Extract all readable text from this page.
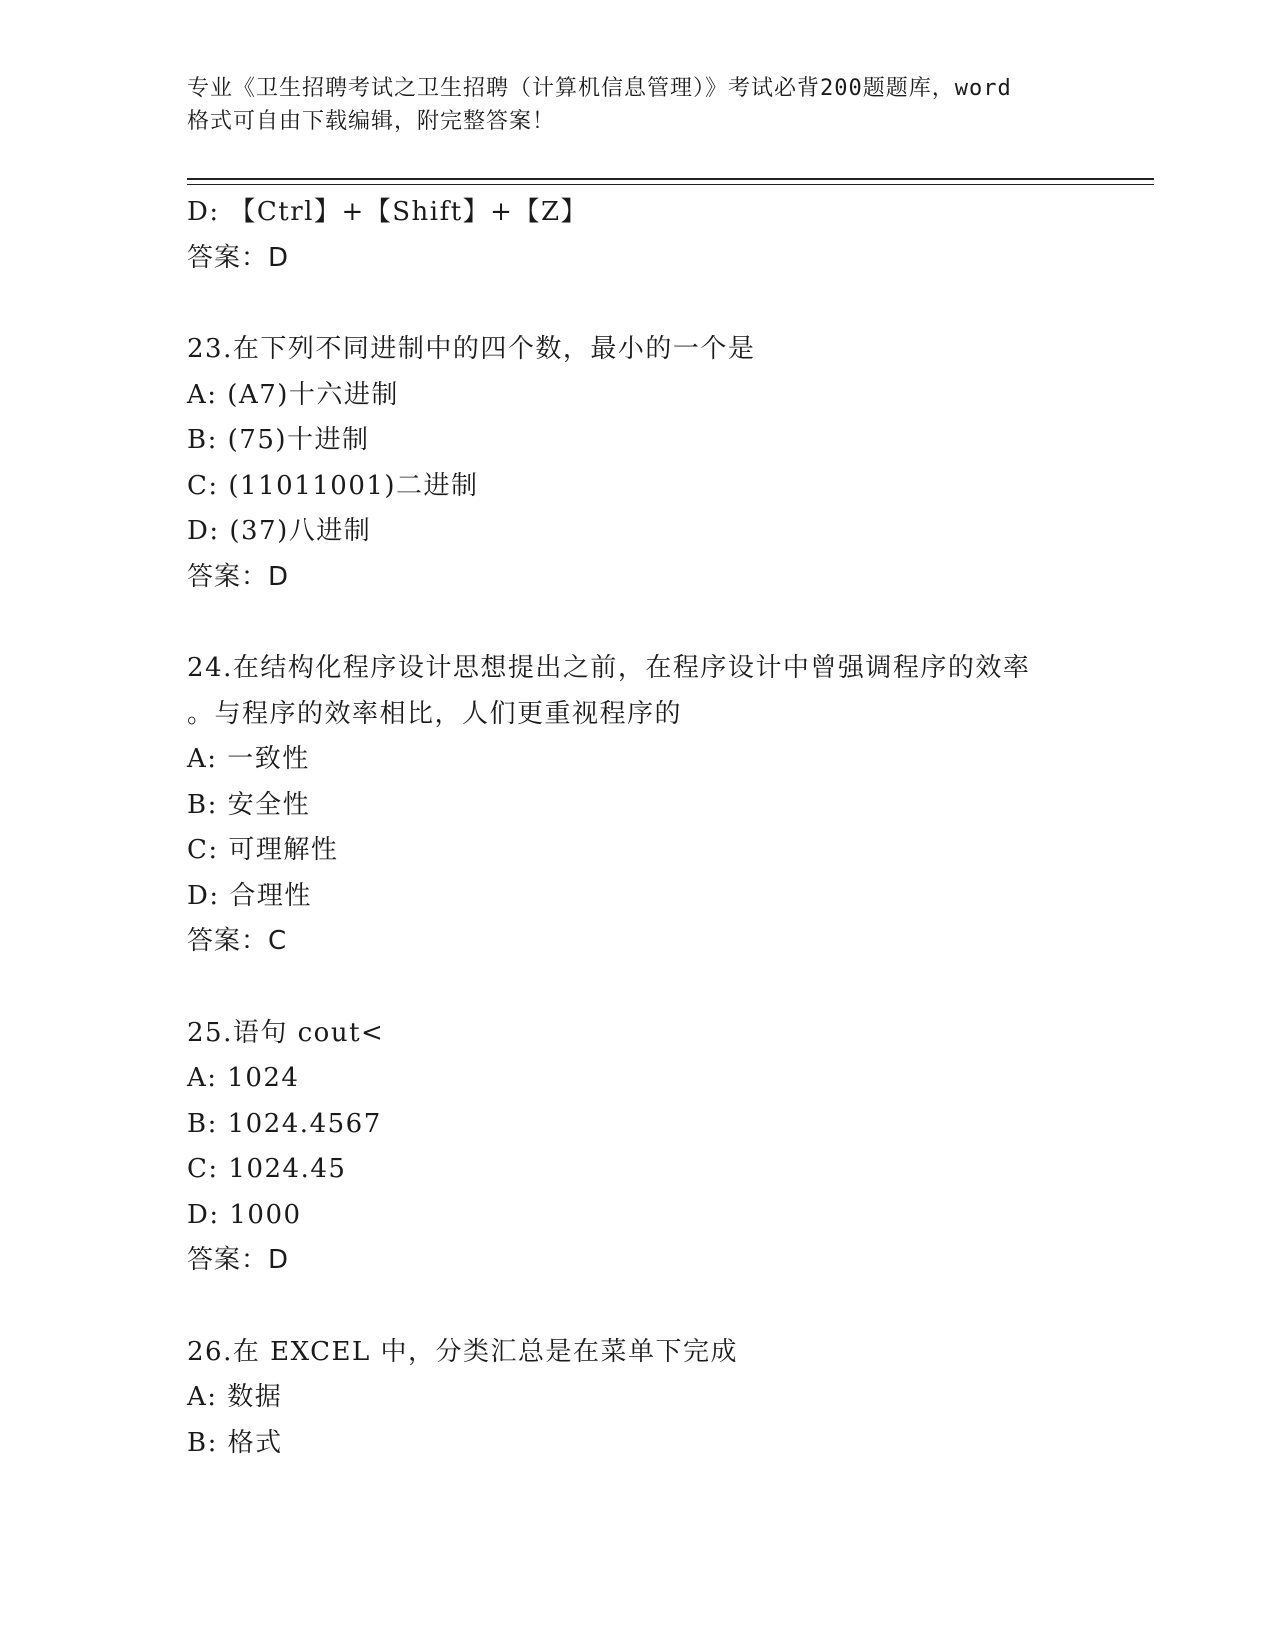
专业《卫生招聘考试之卫生招聘（计算机信息管理）》考试必背200题题库，word
格式可自由下载编辑，附完整答案！
D: 【Ctrl】+【Shift】+【Z】
答案：D
23.在下列不同进制中的四个数，最小的一个是
A: (A7)十六进制
B: (75)十进制
C: (11011001)二进制
D: (37)八进制
答案：D
24.在结构化程序设计思想提出之前，在程序设计中曾强调程序的效率
。与程序的效率相比，人们更重视程序的
A: 一致性
B: 安全性
C: 可理解性
D: 合理性
答案：C
25.语句 cout<
A: 1024
B: 1024.4567
C: 1024.45
D: 1000
答案：D
26.在 EXCEL 中，分类汇总是在菜单下完成
A: 数据
B: 格式
